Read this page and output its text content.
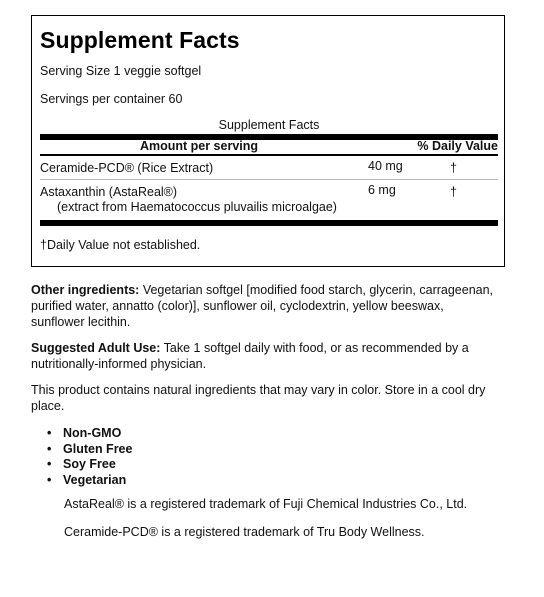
Supplement Facts
Serving Size 1 veggie softgel
Servings per container 60
Supplement Facts
Amount per serving	% Daily Value
Ceramide-PCD® (Rice Extract)	40 mg	†
Astaxanthin (AstaReal®)
(extract from Haematococcus pluvailis microalgae)
6 mg	†
†Daily Value not established.

Other ingredients: Vegetarian softgel [modified food starch, glycerin, carrageenan,
purified water, annatto (color)], sunflower oil, cyclodextrin, yellow beeswax,
sunflower lecithin.

Suggested Adult Use: Take 1 softgel daily with food, or as recommended by a
nutritionally-informed physician.

This product contains natural ingredients that may vary in color. Store in a cool dry
place.

• Non-GMO
• Gluten Free
• Soy Free
• Vegetarian
AstaReal® is a registered trademark of Fuji Chemical Industries Co., Ltd.
Ceramide-PCD® is a registered trademark of Tru Body Wellness.
